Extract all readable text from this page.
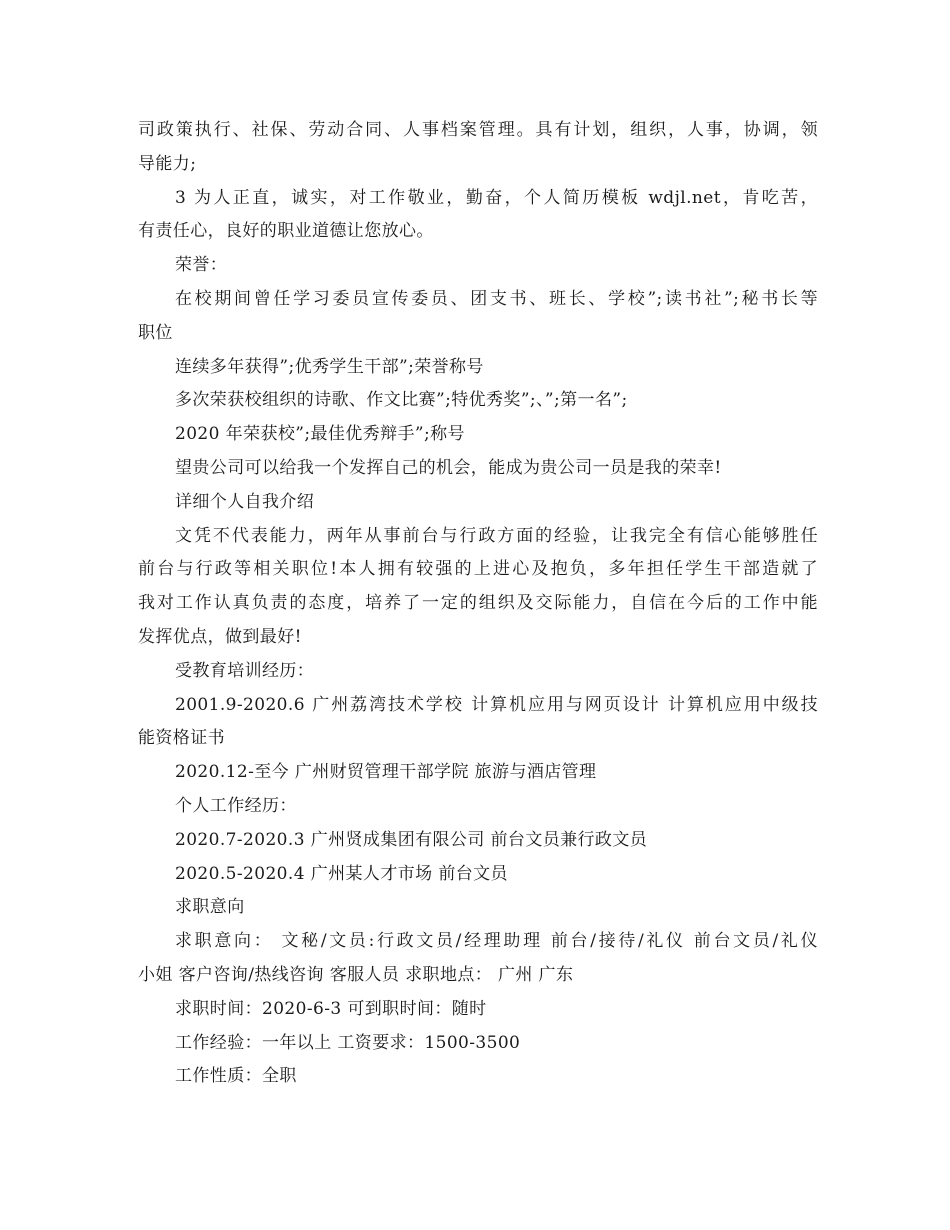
司政策执行、社保、劳动合同、人事档案管理。具有计划，组织，人事，协调，领
导能力;
3 为人正直，诚实，对工作敬业，勤奋，个人简历模板 wdjl.net，肯吃苦，
有责任心，良好的职业道德让您放心。
荣誉：
在校期间曾任学习委员宣传委员、团支书、班长、学校”;读书社”;秘书长等
职位
连续多年获得”;优秀学生干部”;荣誉称号
多次荣获校组织的诗歌、作文比赛”;特优秀奖”;、”;第一名”;
2020 年荣获校”;最佳优秀辩手”;称号
望贵公司可以给我一个发挥自己的机会，能成为贵公司一员是我的荣幸!
详细个人自我介绍
文凭不代表能力，两年从事前台与行政方面的经验，让我完全有信心能够胜任
前台与行政等相关职位!本人拥有较强的上进心及抱负，多年担任学生干部造就了
我对工作认真负责的态度，培养了一定的组织及交际能力，自信在今后的工作中能
发挥优点，做到最好!
受教育培训经历：
2001.9-2020.6 广州荔湾技术学校 计算机应用与网页设计 计算机应用中级技
能资格证书
2020.12-至今 广州财贸管理干部学院 旅游与酒店管理
个人工作经历：
2020.7-2020.3 广州贤成集团有限公司 前台文员兼行政文员
2020.5-2020.4 广州某人才市场 前台文员
求职意向
求职意向： 文秘/文员:行政文员/经理助理 前台/接待/礼仪 前台文员/礼仪
小姐 客户咨询/热线咨询 客服人员 求职地点： 广州 广东
求职时间：2020-6-3 可到职时间：随时
工作经验：一年以上 工资要求：1500-3500
工作性质：全职
